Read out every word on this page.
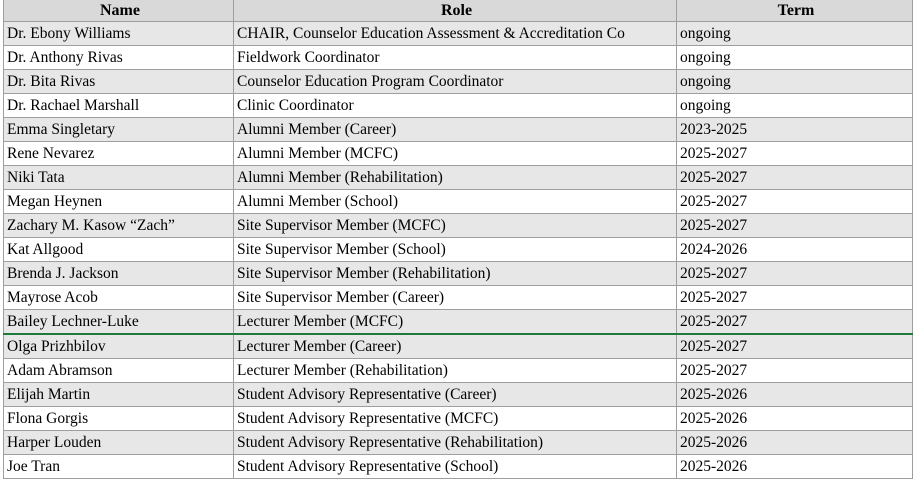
Name	Role	Term
Dr. Ebony Williams	CHAIR, Counselor Education Assessment & Accreditation Co	ongoing
Dr. Anthony Rivas	Fieldwork Coordinator	ongoing
Dr. Bita Rivas	Counselor Education Program Coordinator	ongoing
Dr. Rachael Marshall	Clinic Coordinator	ongoing
Emma Singletary	Alumni Member (Career)	2023-2025
Rene Nevarez	Alumni Member (MCFC)	2025-2027
Niki Tata	Alumni Member (Rehabilitation)	2025-2027
Megan Heynen	Alumni Member (School)	2025-2027
Zachary M. Kasow “Zach”	Site Supervisor Member (MCFC)	2025-2027
Kat Allgood	Site Supervisor Member (School)	2024-2026
Brenda J. Jackson	Site Supervisor Member (Rehabilitation)	2025-2027
Mayrose Acob	Site Supervisor Member (Career)	2025-2027
Bailey Lechner-Luke	Lecturer Member (MCFC)	2025-2027
Olga Prizhbilov	Lecturer Member (Career)	2025-2027
Adam Abramson	Lecturer Member (Rehabilitation)	2025-2027
Elijah Martin	Student Advisory Representative (Career)	2025-2026
Flona Gorgis	Student Advisory Representative (MCFC)	2025-2026
Harper Louden	Student Advisory Representative (Rehabilitation)	2025-2026
Joe Tran	Student Advisory Representative (School)	2025-2026
